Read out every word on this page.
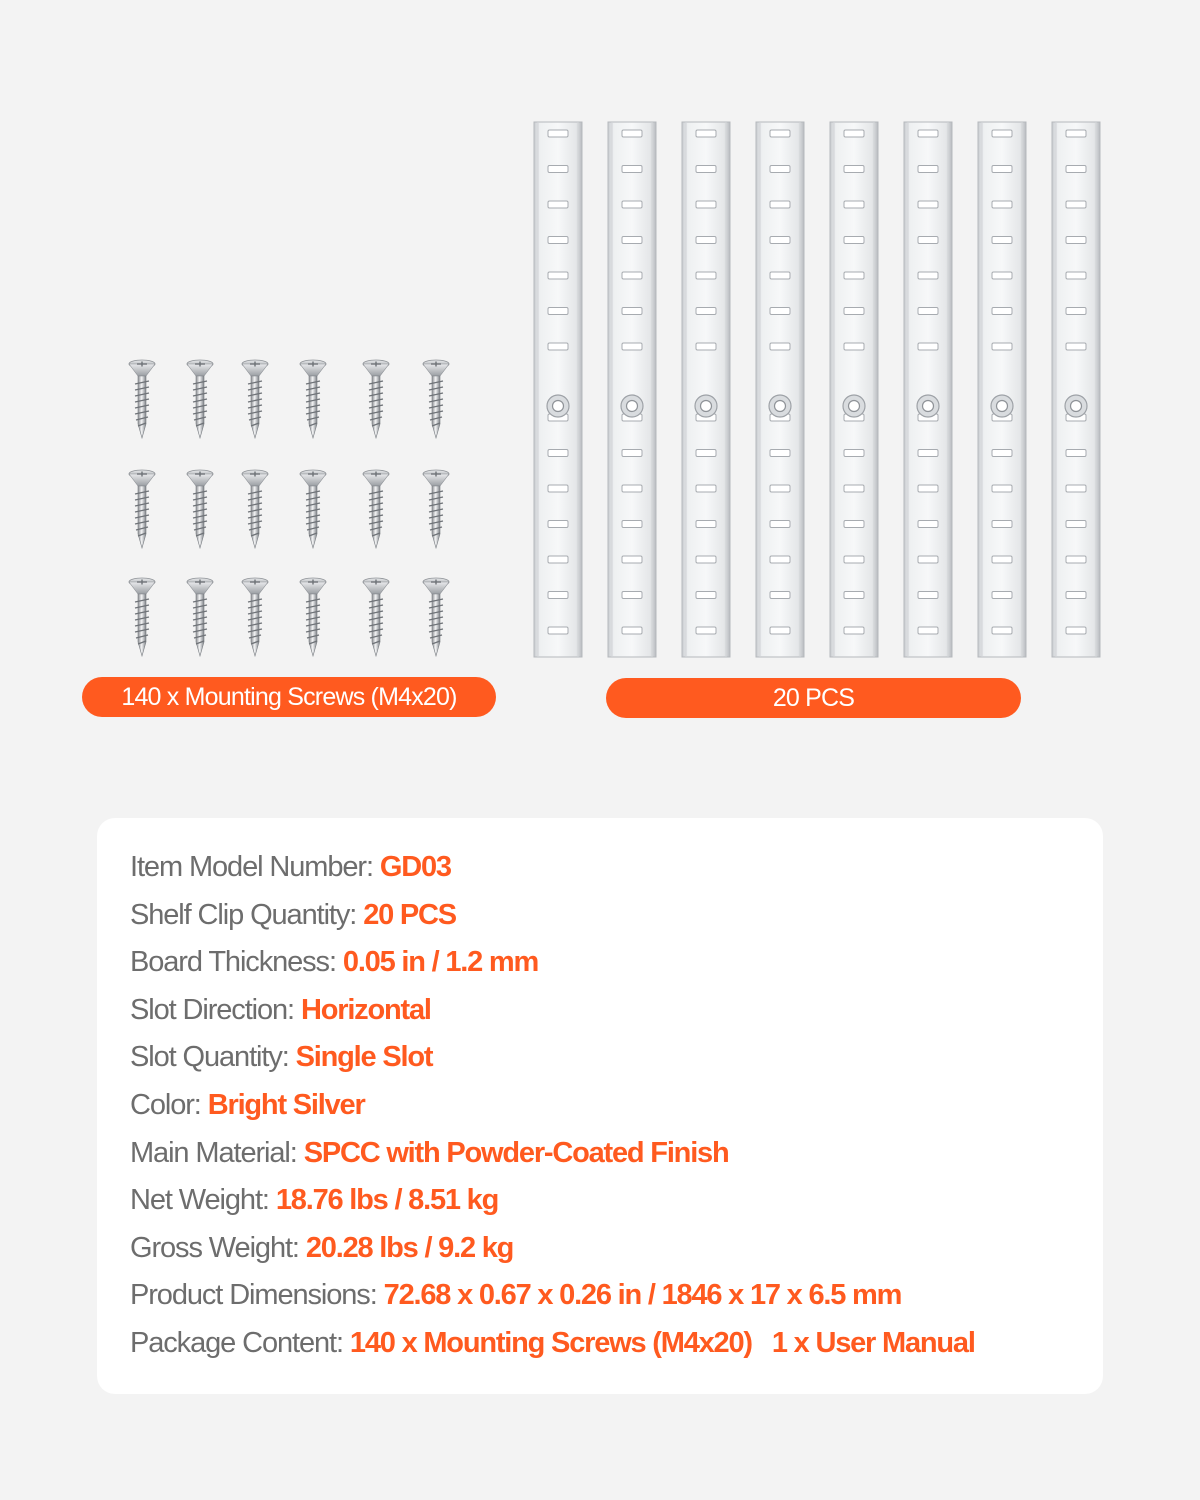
140 x Mounting Screws (M4x20)	20 PCS
Item Model Number: GD03
Shelf Clip Quantity: 20 PCS
Board Thickness: 0.05 in / 1.2 mm
Slot Direction: Horizontal
Slot Quantity: Single Slot
Color: Bright Silver
Main Material: SPCC with Powder-Coated Finish
Net Weight: 18.76 lbs / 8.51 kg
Gross Weight: 20.28 lbs / 9.2 kg
Product Dimensions: 72.68 x 0.67 x 0.26 in / 1846 x 17 x 6.5 mm
Package Content: 140 x Mounting Screws (M4x20) 1 x User Manual
